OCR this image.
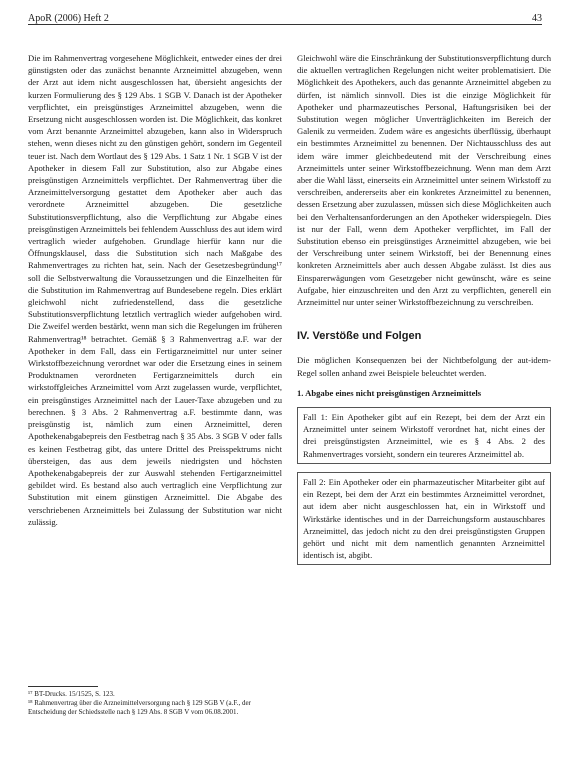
ApoR (2006) Heft 2	43

Die im Rahmenvertrag vorgesehene Möglichkeit, entweder eines der drei günstigsten oder das zunächst benannte Arzneimittel abzugeben, wenn der Arzt aut idem nicht ausgeschlossen hat, übersieht angesichts der kurzen Formulierung des § 129 Abs. 1 SGB V. Danach ist der Apotheker verpflichtet, ein preisgünstiges Arzneimittel abzugeben, wenn die Ersetzung nicht ausgeschlossen worden ist. Die Möglichkeit, das konkret vom Arzt benannte Arzneimittel abzugeben, kann also in Widerspruch stehen, wenn dieses nicht zu den günstigen gehört, sondern im Gegenteil teuer ist. Nach dem Wortlaut des § 129 Abs. 1 Satz 1 Nr. 1 SGB V ist der Apotheker in diesem Fall zur Substitution, also zur Abgabe eines preisgünstigen Arzneimittels verpflichtet. Der Rahmenvertrag über die Arzneimittelversorgung gestattet dem Apotheker aber auch das verordnete Arzneimittel abzugeben. Die gesetzliche Substitutionsverpflichtung, also die Verpflichtung zur Abgabe eines preisgünstigen Arzneimittels bei fehlendem Ausschluss des aut idem wird vertraglich wieder aufgehoben. Grundlage hierfür kann nur die Öffnungsklausel, dass die Substitution sich nach Maßgabe des Rahmenvertrages zu richten hat, sein. Nach der Gesetzesbegründung¹⁷ soll die Selbstverwaltung die Voraussetzungen und die Einzelheiten für die Substitution im Rahmenvertrag auf Bundesebene regeln. Dies erklärt gleichwohl nicht zufriedenstellend, dass die gesetzliche Substitutionsverpflichtung letztlich vertraglich wieder aufgehoben wird. Die Zweifel werden bestärkt, wenn man sich die Regelungen im früheren Rahmenvertrag¹⁸ betrachtet. Gemäß § 3 Rahmenvertrag a.F. war der Apotheker in dem Fall, dass ein Fertigarzneimittel nur unter seiner Wirkstoffbezeichnung verordnet war oder die Ersetzung eines in seinem Produktnamen verordneten Fertigarzneimittels durch ein wirkstoffgleiches Arzneimittel vom Arzt zugelassen wurde, verpflichtet, ein preisgünstiges Arzneimittel nach der Lauer-Taxe abzugeben und zu berechnen. § 3 Abs. 2 Rahmenvertrag a.F. bestimmte dann, was preisgünstig ist, nämlich zum einen Arzneimittel, deren Apothekenabgabepreis den Festbetrag nach § 35 Abs. 3 SGB V oder falls es keinen Festbetrag gibt, das untere Drittel des Preisspektrums nicht übersteigen, das aus dem jeweils niedrigsten und höchsten Apothekenabgabepreis der zur Auswahl stehenden Fertigarzneimittel gebildet wird. Es bestand also auch vertraglich eine Verpflichtung zur Substitution mit einem günstigen Arzneimittel. Die Abgabe des verschriebenen Arzneimittels bei Zulassung der Substitution war nicht zulässig.

¹⁷ BT-Drucks. 15/1525, S. 123.
¹⁸ Rahmenvertrag über die Arzneimittelversorgung nach § 129 SGB V (a.F., der Entscheidung der Schiedsstelle nach § 129 Abs. 8 SGB V vom 06.08.2001.

Gleichwohl wäre die Einschränkung der Substitutionsverpflichtung durch die aktuellen vertraglichen Regelungen nicht weiter problematisiert. Die Möglichkeit des Apothekers, auch das genannte Arzneimittel abgeben zu dürfen, ist nämlich sinnvoll. Dies ist die einzige Möglichkeit für Apotheker und pharmazeutisches Personal, Haftungsrisiken bei der Substitution wegen möglicher Unverträglichkeiten im Bereich der Galenik zu vermeiden. Zudem wäre es angesichts überflüssig, überhaupt ein bestimmtes Arzneimittel zu benennen. Der Nichtausschluss des aut idem wäre immer gleichbedeutend mit der Verschreibung eines Arzneimittels unter seiner Wirkstoffbezeichnung. Wenn man dem Arzt aber die Wahl lässt, einerseits ein Arzneimittel unter seinem Wirkstoff zu verschreiben, andererseits aber ein konkretes Arzneimittel zu benennen, dessen Ersetzung aber zuzulassen, müssen sich diese Möglichkeiten auch bei den Verhaltensanforderungen an den Apotheker widerspiegeln. Dies ist nur der Fall, wenn dem Apotheker verpflichtet, im Fall der Substitution ebenso ein preisgünstiges Arzneimittel abzugeben, wie bei der Verschreibung unter seinem Wirkstoff, bei der Benennung eines konkreten Arzneimittels aber auch dessen Abgabe zulässt. Ist dies aus Einsparerwägungen vom Gesetzgeber nicht gewünscht, wäre es seine Aufgabe, hier einzuschreiten und den Arzt zu verpflichten, generell ein Arzneimittel nur unter seiner Wirkstoffbezeichnung zu verschreiben.

IV. Verstöße und Folgen

Die möglichen Konsequenzen bei der Nichtbefolgung der aut-idem-Regel sollen anhand zwei Beispiele beleuchtet werden.

1. Abgabe eines nicht preisgünstigen Arzneimittels
Fall 1: Ein Apotheker gibt auf ein Rezept, bei dem der Arzt ein Arzneimittel unter seinem Wirkstoff verordnet hat, nicht eines der drei preisgünstigsten Arzneimittel, wie es § 4 Abs. 2 des Rahmenvertrages vorsieht, sondern ein teureres Arzneimittel ab.
Fall 2: Ein Apotheker oder ein pharmazeutischer Mitarbeiter gibt auf ein Rezept, bei dem der Arzt ein bestimmtes Arzneimittel verordnet, aut idem aber nicht ausgeschlossen hat, ein in Wirkstoff und Wirkstärke identisches und in der Darreichungsform austauschbares Arzneimittel, das jedoch nicht zu den drei preisgünstigsten Gruppen gehört und nicht mit dem namentlich genannten Arzneimittel identisch ist, abgibt.
